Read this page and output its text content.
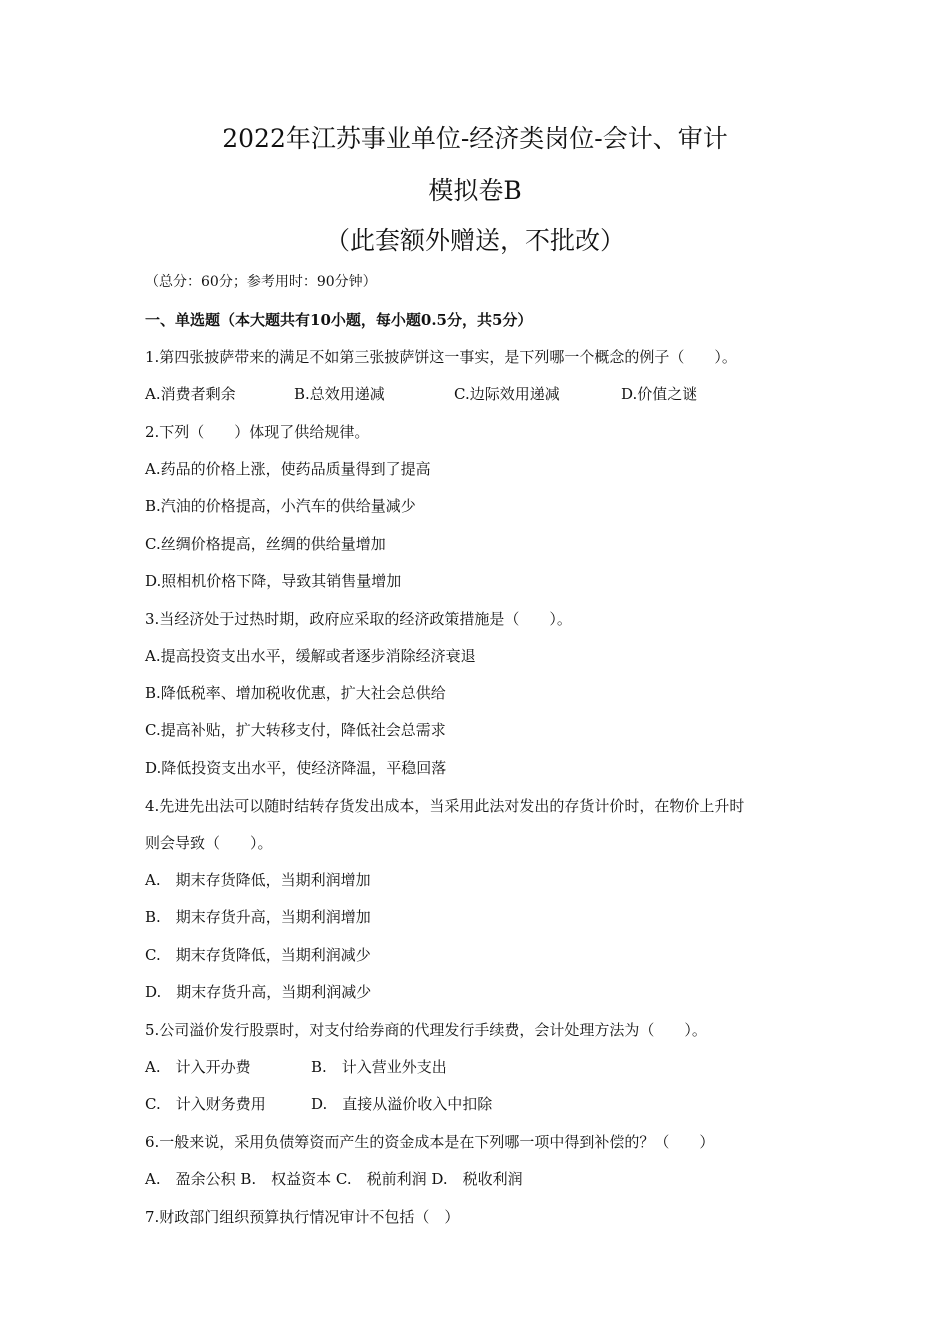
2022年江苏事业单位-经济类岗位-会计、审计
模拟卷B
（此套额外赠送，不批改）
（总分：60分；参考用时：90分钟）
一、单选题（本大题共有10小题，每小题0.5分，共5分）
1.第四张披萨带来的满足不如第三张披萨饼这一事实，是下列哪一个概念的例子（　　）。
A.消费者剩余	B.总效用递减	C.边际效用递减	D.价值之谜
2.下列（　　）体现了供给规律。
A.药品的价格上涨，使药品质量得到了提高
B.汽油的价格提高，小汽车的供给量减少
C.丝绸价格提高，丝绸的供给量增加
D.照相机价格下降，导致其销售量增加
3.当经济处于过热时期，政府应采取的经济政策措施是（　　）。
A.提高投资支出水平，缓解或者逐步消除经济衰退
B.降低税率、增加税收优惠，扩大社会总供给
C.提高补贴，扩大转移支付，降低社会总需求
D.降低投资支出水平，使经济降温，平稳回落
4.先进先出法可以随时结转存货发出成本，当采用此法对发出的存货计价时，在物价上升时
则会导致（　　）。
A.　期末存货降低，当期利润增加
B.　期末存货升高，当期利润增加
C.　期末存货降低，当期利润减少
D.　期末存货升高，当期利润减少
5.公司溢价发行股票时，对支付给券商的代理发行手续费，会计处理方法为（　　）。
A.　计入开办费	B.　计入营业外支出
C.　计入财务费用	D.　直接从溢价收入中扣除
6.一般来说，采用负债筹资而产生的资金成本是在下列哪一项中得到补偿的？（　　）
A.　盈余公积 B.　权益资本 C.　税前利润 D.　税收利润
7.财政部门组织预算执行情况审计不包括（　）
